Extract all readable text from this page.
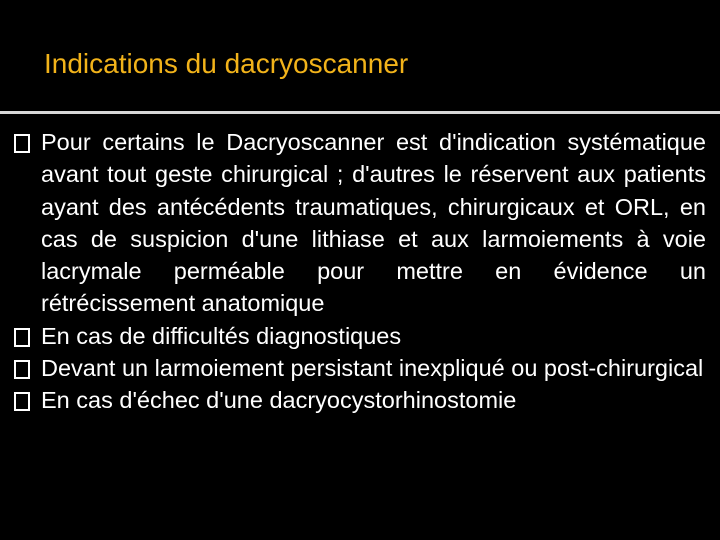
Indications du dacryoscanner
Pour certains le Dacryoscanner est d'indication systématique avant tout geste chirurgical ; d'autres le réservent aux patients ayant des antécédents traumatiques, chirurgicaux et ORL, en cas de suspicion d'une lithiase et aux larmoiements à voie lacrymale perméable pour mettre en évidence un rétrécissement anatomique
En cas de difficultés diagnostiques
Devant un larmoiement persistant inexpliqué ou post-chirurgical
En cas d'échec d'une dacryocystorhinostomie
